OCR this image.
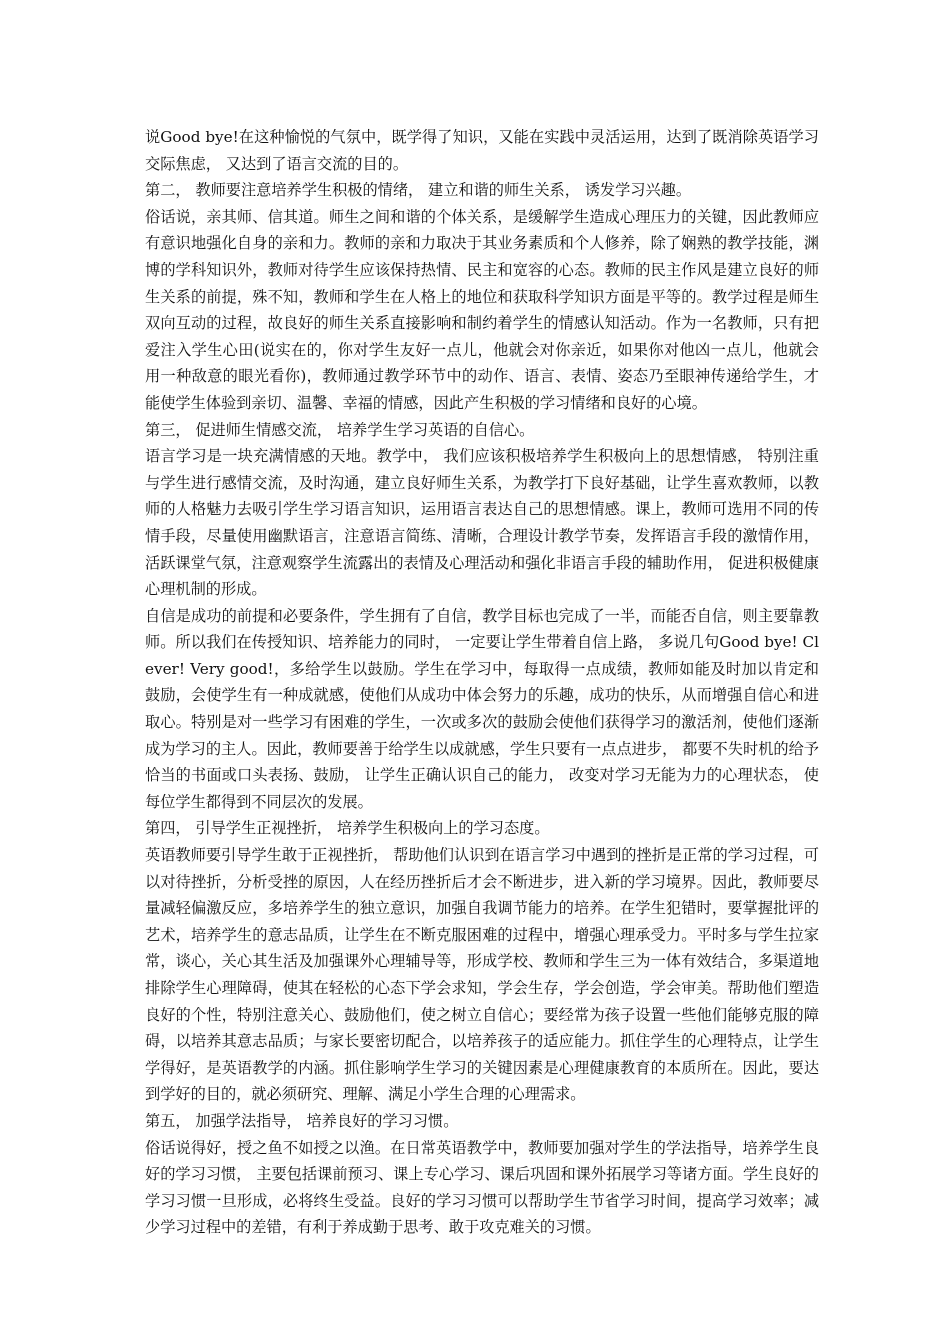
说Good bye!在这种愉悦的气氛中，既学得了知识，又能在实践中灵活运用，达到了既消除英语学习交际焦虑， 又达到了语言交流的目的。

第二， 教师要注意培养学生积极的情绪， 建立和谐的师生关系， 诱发学习兴趣。

俗话说，亲其师、信其道。师生之间和谐的个体关系，是缓解学生造成心理压力的关键，因此教师应有意识地强化自身的亲和力。教师的亲和力取决于其业务素质和个人修养，除了娴熟的教学技能，渊博的学科知识外，教师对待学生应该保持热情、民主和宽容的心态。教师的民主作风是建立良好的师生关系的前提，殊不知，教师和学生在人格上的地位和获取科学知识方面是平等的。教学过程是师生双向互动的过程，故良好的师生关系直接影响和制约着学生的情感认知活动。作为一名教师，只有把爱注入学生心田(说实在的，你对学生友好一点儿，他就会对你亲近，如果你对他凶一点儿，他就会用一种敌意的眼光看你)，教师通过教学环节中的动作、语言、表情、姿态乃至眼神传递给学生，才能使学生体验到亲切、温馨、幸福的情感，因此产生积极的学习情绪和良好的心境。

第三， 促进师生情感交流， 培养学生学习英语的自信心。

语言学习是一块充满情感的天地。教学中， 我们应该积极培养学生积极向上的思想情感， 特别注重与学生进行感情交流，及时沟通，建立良好师生关系，为教学打下良好基础，让学生喜欢教师，以教师的人格魅力去吸引学生学习语言知识，运用语言表达自己的思想情感。课上，教师可选用不同的传情手段，尽量使用幽默语言，注意语言简练、清晰，合理设计教学节奏，发挥语言手段的激情作用，活跃课堂气氛，注意观察学生流露出的表情及心理活动和强化非语言手段的辅助作用， 促进积极健康心理机制的形成。

自信是成功的前提和必要条件，学生拥有了自信，教学目标也完成了一半，而能否自信，则主要靠教师。所以我们在传授知识、培养能力的同时， 一定要让学生带着自信上路， 多说几句Good bye! Clever! Very good!，多给学生以鼓励。学生在学习中，每取得一点成绩，教师如能及时加以肯定和鼓励，会使学生有一种成就感，使他们从成功中体会努力的乐趣，成功的快乐，从而增强自信心和进取心。特别是对一些学习有困难的学生，一次或多次的鼓励会使他们获得学习的激活剂，使他们逐渐成为学习的主人。因此，教师要善于给学生以成就感，学生只要有一点点进步， 都要不失时机的给予恰当的书面或口头表扬、鼓励， 让学生正确认识自己的能力， 改变对学习无能为力的心理状态， 使每位学生都得到不同层次的发展。

第四， 引导学生正视挫折， 培养学生积极向上的学习态度。

英语教师要引导学生敢于正视挫折， 帮助他们认识到在语言学习中遇到的挫折是正常的学习过程，可以对待挫折，分析受挫的原因，人在经历挫折后才会不断进步，进入新的学习境界。因此，教师要尽量减轻偏激反应，多培养学生的独立意识，加强自我调节能力的培养。在学生犯错时，要掌握批评的艺术，培养学生的意志品质，让学生在不断克服困难的过程中，增强心理承受力。平时多与学生拉家常，谈心，关心其生活及加强课外心理辅导等，形成学校、教师和学生三为一体有效结合，多渠道地排除学生心理障碍，使其在轻松的心态下学会求知，学会生存，学会创造，学会审美。帮助他们塑造良好的个性，特别注意关心、鼓励他们，使之树立自信心；要经常为孩子设置一些他们能够克服的障碍，以培养其意志品质；与家长要密切配合，以培养孩子的适应能力。抓住学生的心理特点，让学生学得好，是英语教学的内涵。抓住影响学生学习的关键因素是心理健康教育的本质所在。因此，要达到学好的目的，就必须研究、理解、满足小学生合理的心理需求。

第五， 加强学法指导， 培养良好的学习习惯。

俗话说得好，授之鱼不如授之以渔。在日常英语教学中，教师要加强对学生的学法指导，培养学生良好的学习习惯， 主要包括课前预习、课上专心学习、课后巩固和课外拓展学习等诸方面。学生良好的学习习惯一旦形成，必将终生受益。良好的学习习惯可以帮助学生节省学习时间，提高学习效率；减少学习过程中的差错，有利于养成勤于思考、敢于攻克难关的习惯。
